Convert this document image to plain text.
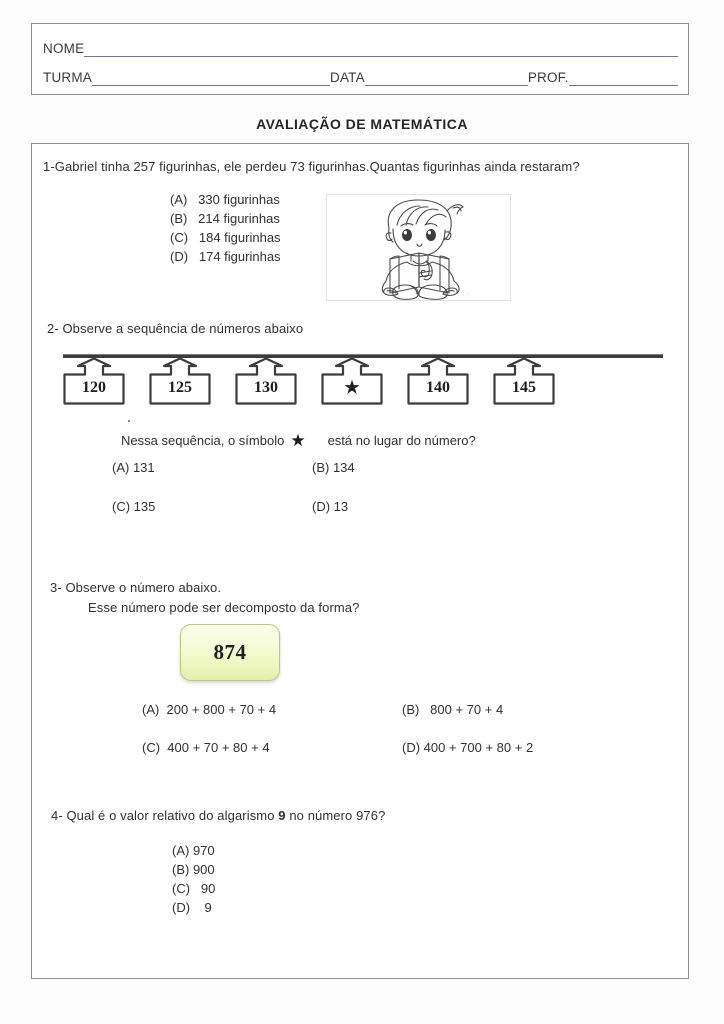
NOME
TURMA	DATA	PROF.
AVALIAÇÃO DE MATEMÁTICA
1-Gabriel tinha 257 figurinhas, ele perdeu 73 figurinhas.Quantas figurinhas ainda restaram?
(A)   330 figurinhas
(B)   214 figurinhas
(C)   184 figurinhas
(D)   174 figurinhas
~
2- Observe a sequência de números abaixo
120	125	130	★	140	145
Nessa sequência, o símbolo ★ está no lugar do número?
(A) 131	(B) 134
(C) 135	(D) 13
3- Observe o número abaixo.
Esse número pode ser decomposto da forma?
874
(A)  200 + 800 + 70 + 4	(B)   800 + 70 + 4
(C)  400 + 70 + 80 + 4	(D) 400 + 700 + 80 + 2
4- Qual é o valor relativo do algarismo 9 no número 976?
(A) 970
(B) 900
(C)   90
(D)    9
